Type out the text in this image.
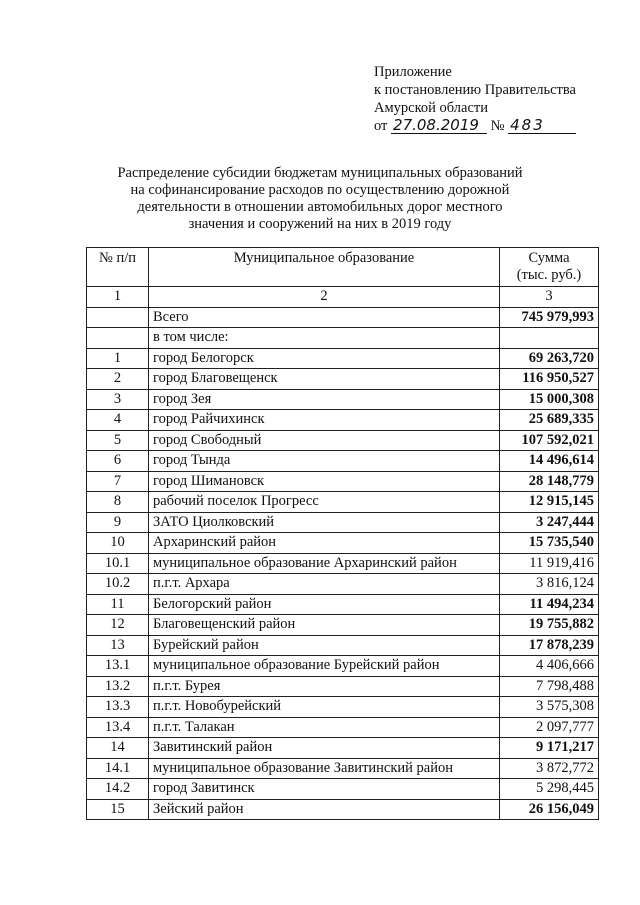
Приложение
к постановлению Правительства
Амурской области
от 27.08.2019 № 483
Распределение субсидии бюджетам муниципальных образований на софинансирование расходов по осуществлению дорожной деятельности в отношении автомобильных дорог местного значения и сооружений на них в 2019 году
№ п/п	Муниципальное образование	Сумма
(тыс. руб.)
1	2	3
	Всего	745 979,993
	в том числе:	
1	город Белогорск	69 263,720
2	город Благовещенск	116 950,527
3	город Зея	15 000,308
4	город Райчихинск	25 689,335
5	город Свободный	107 592,021
6	город Тында	14 496,614
7	город Шимановск	28 148,779
8	рабочий поселок Прогресс	12 915,145
9	ЗАТО Циолковский	3 247,444
10	Архаринский район	15 735,540
10.1	муниципальное образование Архаринский район	11 919,416
10.2	п.г.т. Архара	3 816,124
11	Белогорский район	11 494,234
12	Благовещенский район	19 755,882
13	Бурейский район	17 878,239
13.1	муниципальное образование Бурейский район	4 406,666
13.2	п.г.т. Бурея	7 798,488
13.3	п.г.т. Новобурейский	3 575,308
13.4	п.г.т. Талакан	2 097,777
14	Завитинский район	9 171,217
14.1	муниципальное образование Завитинский район	3 872,772
14.2	город Завитинск	5 298,445
15	Зейский район	26 156,049
